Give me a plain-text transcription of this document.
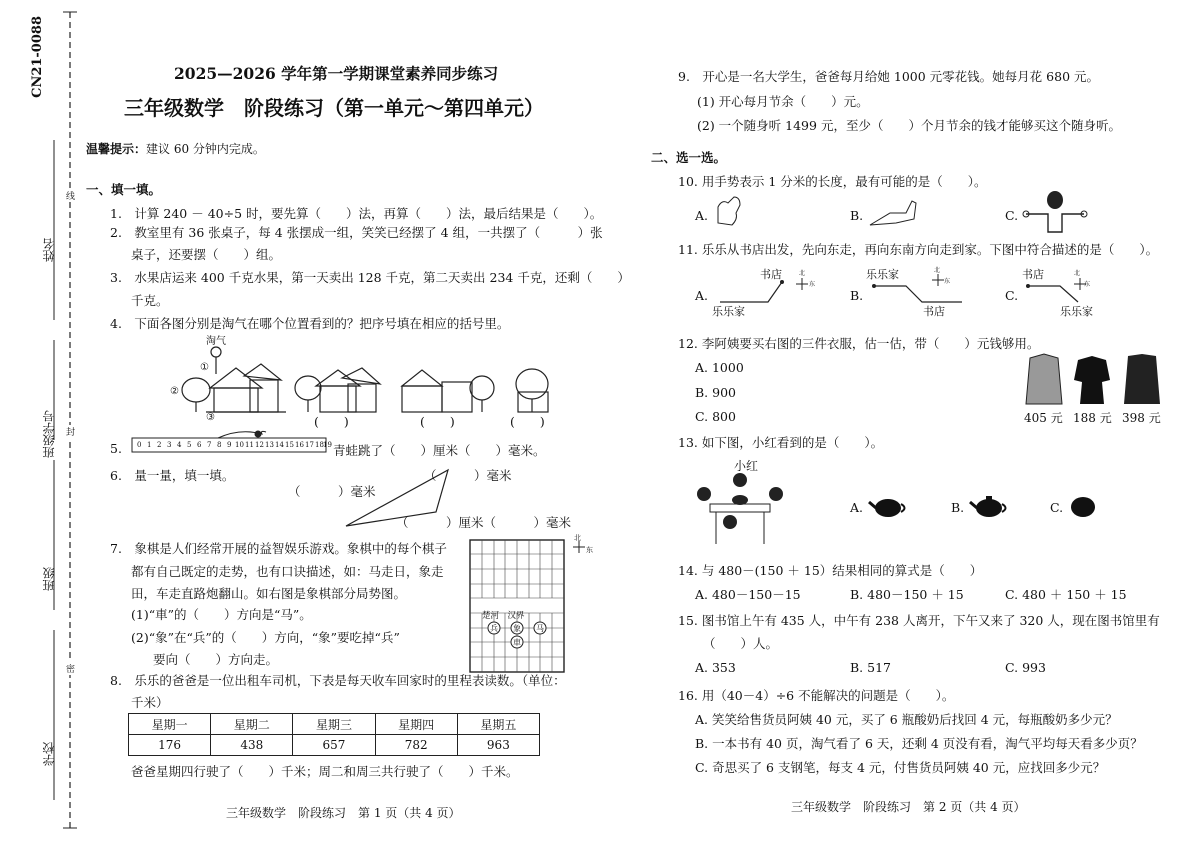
CN21-0088
姓名
班级学号
班级
学校
线
封
密
2025—2026 学年第一学期课堂素养同步练习
三年级数学　阶段练习（第一单元～第四单元）
温馨提示：建议 60 分钟内完成。
一、填一填。
1.　计算 240 － 40÷5 时，要先算（　　）法，再算（　　）法，最后结果是（　　）。
2.　教室里有 36 张桌子，每 4 张摆成一组，笑笑已经摆了 4 组，一共摆了（　　　）张
桌子，还要摆（　　）组。
3.　水果店运来 400 千克水果，第一天卖出 128 千克，第二天卖出 234 千克，还剩（　　）
千克。
4.　下面各图分别是淘气在哪个位置看到的？把序号填在相应的括号里。
淘气
①
②
③	(　　)	(　　)	(　　)
5. 0 1 2 3 4 5 6 7 8 9 10 11 12 13 14 15 16 17 18 19 青蛙跳了（　　）厘米（　　）毫米。
6.　量一量，填一填。
（　　　）毫米
（　　　）毫米
（　　　）厘米（　　　）毫米
7.　象棋是人们经常开展的益智娱乐游戏。象棋中的每个棋子
都有自己既定的走势，也有口诀描述，如：马走日，象走
田，车走直路炮翻山。如右图是象棋部分局势图。
(1)“車”的（　　）方向是“马”。
(2)“象”在“兵”的（　　）方向，“象”要吃掉“兵”
要向（　　）方向走。
楚河　汉界
兵 象 马
車
北
东
8.　乐乐的爸爸是一位出租车司机，下表是每天收车回家时的里程表读数。（单位：
千米）
星期一	星期二	星期三	星期四	星期五
176	438	657	782	963
爸爸星期四行驶了（　　）千米；周二和周三共行驶了（　　）千米。
三年级数学　阶段练习　第 1 页（共 4 页）
9.　开心是一名大学生，爸爸每月给她 1000 元零花钱。她每月花 680 元。
(1) 开心每月节余（　　）元。
(2) 一个随身听 1499 元，至少（　　）个月节余的钱才能够买这个随身听。
二、选一选。
10. 用手势表示 1 分米的长度，最有可能的是（　　）。
A.	B.	C.
11. 乐乐从书店出发，先向东走，再向东南方向走到家。下图中符合描述的是（　　）。
A.
书店
乐乐家
北
东
B.
乐乐家
书店
北
东
C.
书店
乐乐家
北
东
12. 李阿姨要买右图的三件衣服，估一估，带（　　）元钱够用。
A. 1000
B. 900
C. 800	405 元 188 元 398 元
13. 如下图，小红看到的是（　　）。
小红
A.	B.	C.
14. 与 480－(150 ＋ 15）结果相同的算式是（　　）
A. 480－150－15	B. 480－150 ＋ 15	C. 480 ＋ 150 ＋ 15
15. 图书馆上午有 435 人，中午有 238 人离开，下午又来了 320 人，现在图书馆里有
（　　）人。
A. 353	B. 517	C. 993
16. 用（40－4）÷6 不能解决的问题是（　　）。
A. 笑笑给售货员阿姨 40 元，买了 6 瓶酸奶后找回 4 元，每瓶酸奶多少元？
B. 一本书有 40 页，淘气看了 6 天，还剩 4 页没有看，淘气平均每天看多少页？
C. 奇思买了 6 支钢笔，每支 4 元，付售货员阿姨 40 元，应找回多少元？
三年级数学　阶段练习　第 2 页（共 4 页）
